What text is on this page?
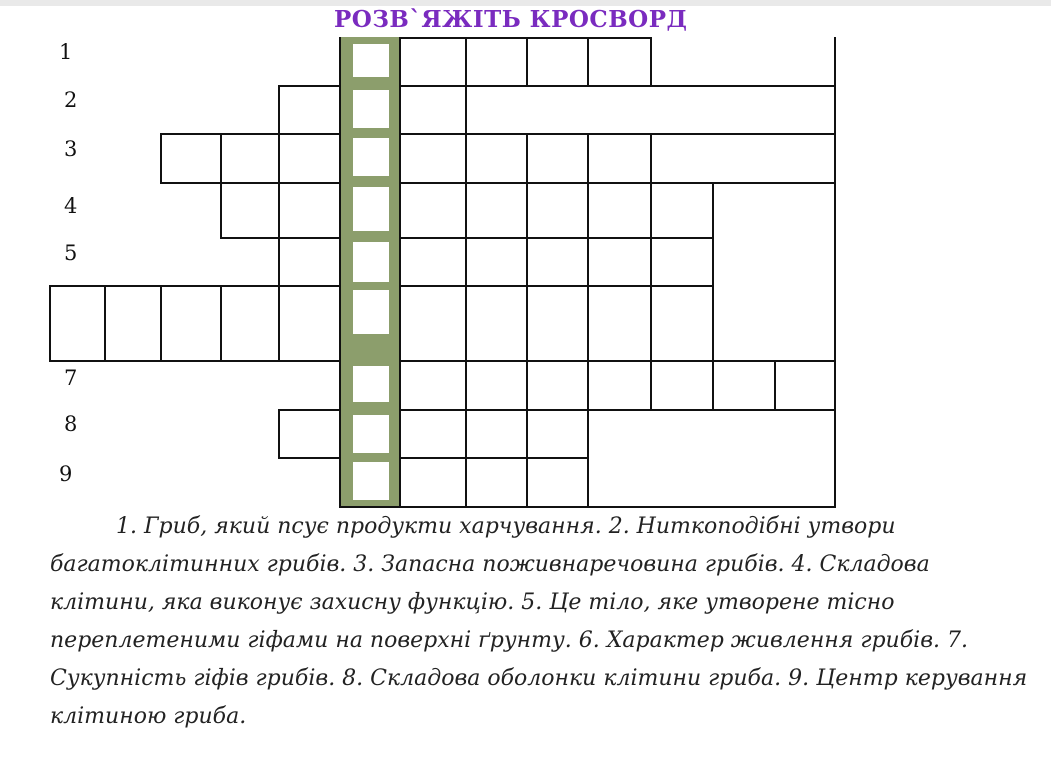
РОЗВ`ЯЖІТЬ КРОСВОРД
1
2
3
4
5
7
8
9

1. Гриб, який псує продукти харчування. 2. Ниткоподібні утвори багатоклітинних грибів. 3. Запасна поживнаречовина грибів. 4. Складова клітини, яка виконує захисну функцію. 5. Це тіло, яке утворене тісно переплетеними гіфами на поверхні ґрунту. 6. Характер живлення грибів. 7. Сукупність гіфів грибів. 8. Складова оболонки клітини гриба. 9. Центр керування клітиною гриба.
